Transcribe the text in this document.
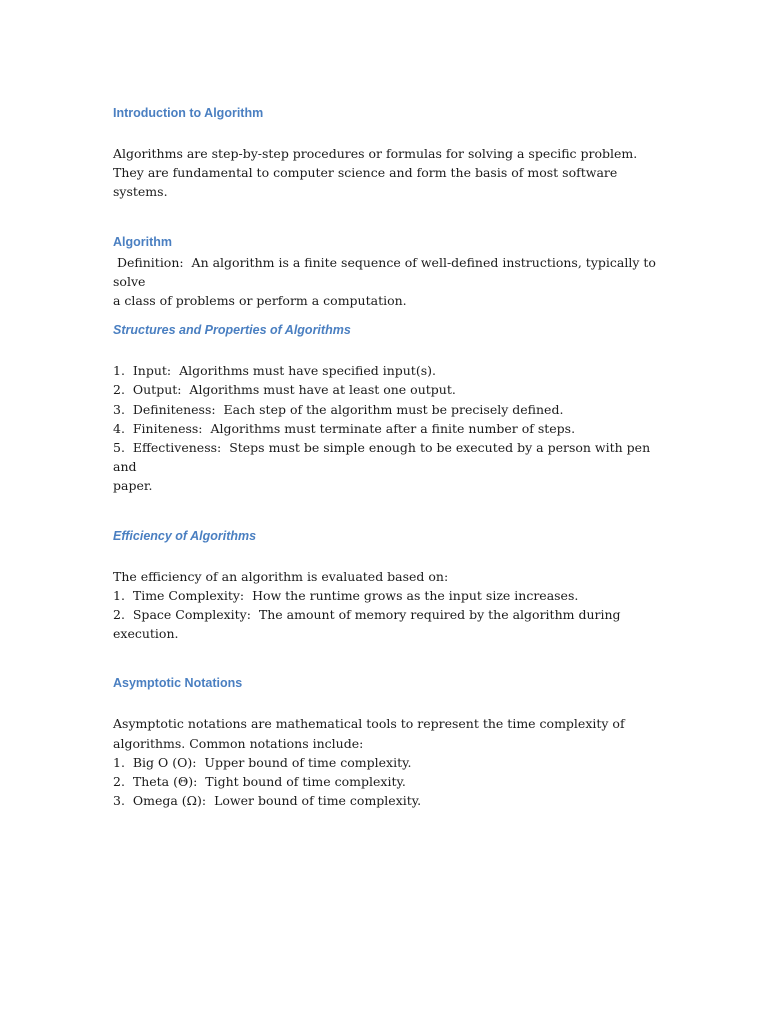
Introduction to Algorithm
Algorithms are step-by-step procedures or formulas for solving a specific problem.
They are fundamental to computer science and form the basis of most software systems.
Algorithm
Definition:  An algorithm is a finite sequence of well-defined instructions, typically to solve
a class of problems or perform a computation.
Structures and Properties of Algorithms
1.  Input:  Algorithms must have specified input(s).
2.  Output:  Algorithms must have at least one output.
3.  Definiteness:  Each step of the algorithm must be precisely defined.
4.  Finiteness:  Algorithms must terminate after a finite number of steps.
5.  Effectiveness:  Steps must be simple enough to be executed by a person with pen and
paper.
Efficiency of Algorithms
The efficiency of an algorithm is evaluated based on:
1.  Time Complexity:  How the runtime grows as the input size increases.
2.  Space Complexity:  The amount of memory required by the algorithm during execution.
Asymptotic Notations
Asymptotic notations are mathematical tools to represent the time complexity of
algorithms. Common notations include:
1.  Big O (O):  Upper bound of time complexity.
2.  Theta (Θ):  Tight bound of time complexity.
3.  Omega (Ω):  Lower bound of time complexity.
